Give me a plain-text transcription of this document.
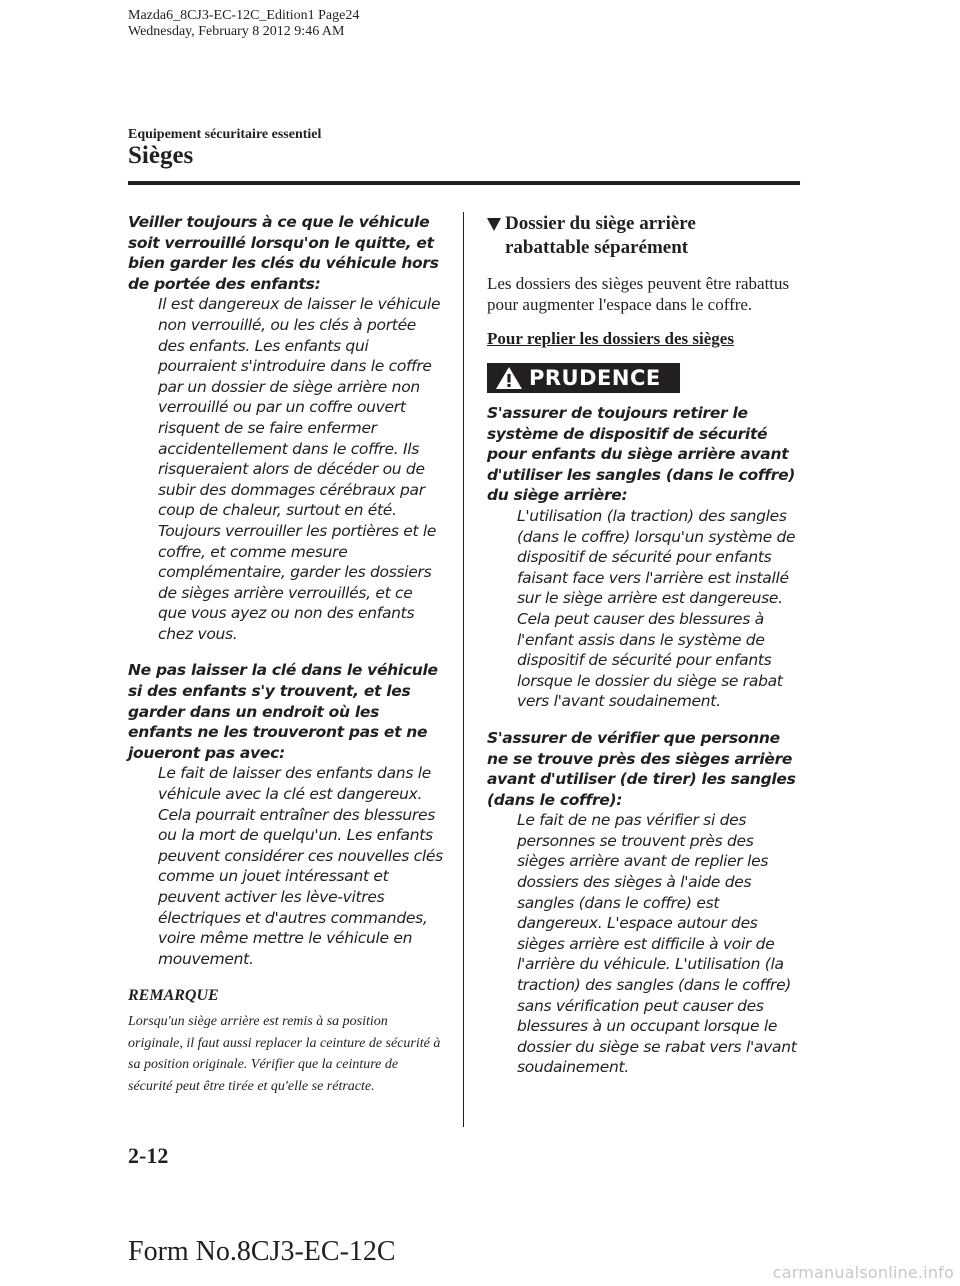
Mazda6_8CJ3-EC-12C_Edition1 Page24
Wednesday, February 8 2012 9:46 AM
Equipement sécuritaire essentiel
Sièges
Veiller toujours à ce que le véhicule soit verrouillé lorsqu'on le quitte, et bien garder les clés du véhicule hors de portée des enfants:
Il est dangereux de laisser le véhicule non verrouillé, ou les clés à portée des enfants. Les enfants qui pourraient s'introduire dans le coffre par un dossier de siège arrière non verrouillé ou par un coffre ouvert risquent de se faire enfermer accidentellement dans le coffre. Ils risqueraient alors de décéder ou de subir des dommages cérébraux par coup de chaleur, surtout en été. Toujours verrouiller les portières et le coffre, et comme mesure complémentaire, garder les dossiers de sièges arrière verrouillés, et ce que vous ayez ou non des enfants chez vous.
Ne pas laisser la clé dans le véhicule si des enfants s'y trouvent, et les garder dans un endroit où les enfants ne les trouveront pas et ne joueront pas avec:
Le fait de laisser des enfants dans le véhicule avec la clé est dangereux. Cela pourrait entraîner des blessures ou la mort de quelqu'un. Les enfants peuvent considérer ces nouvelles clés comme un jouet intéressant et peuvent activer les lève-vitres électriques et d'autres commandes, voire même mettre le véhicule en mouvement.
REMARQUE
Lorsqu'un siège arrière est remis à sa position originale, il faut aussi replacer la ceinture de sécurité à sa position originale. Vérifier que la ceinture de sécurité peut être tirée et qu'elle se rétracte.
Dossier du siège arrière rabattable séparément
Les dossiers des sièges peuvent être rabattus pour augmenter l'espace dans le coffre.
Pour replier les dossiers des sièges
PRUDENCE
S'assurer de toujours retirer le système de dispositif de sécurité pour enfants du siège arrière avant d'utiliser les sangles (dans le coffre) du siège arrière:
L'utilisation (la traction) des sangles (dans le coffre) lorsqu'un système de dispositif de sécurité pour enfants faisant face vers l'arrière est installé sur le siège arrière est dangereuse. Cela peut causer des blessures à l'enfant assis dans le système de dispositif de sécurité pour enfants lorsque le dossier du siège se rabat vers l'avant soudainement.
S'assurer de vérifier que personne ne se trouve près des sièges arrière avant d'utiliser (de tirer) les sangles (dans le coffre):
Le fait de ne pas vérifier si des personnes se trouvent près des sièges arrière avant de replier les dossiers des sièges à l'aide des sangles (dans le coffre) est dangereux. L'espace autour des sièges arrière est difficile à voir de l'arrière du véhicule. L'utilisation (la traction) des sangles (dans le coffre) sans vérification peut causer des blessures à un occupant lorsque le dossier du siège se rabat vers l'avant soudainement.
2-12
Form No.8CJ3-EC-12C
carmanualsonline.info
